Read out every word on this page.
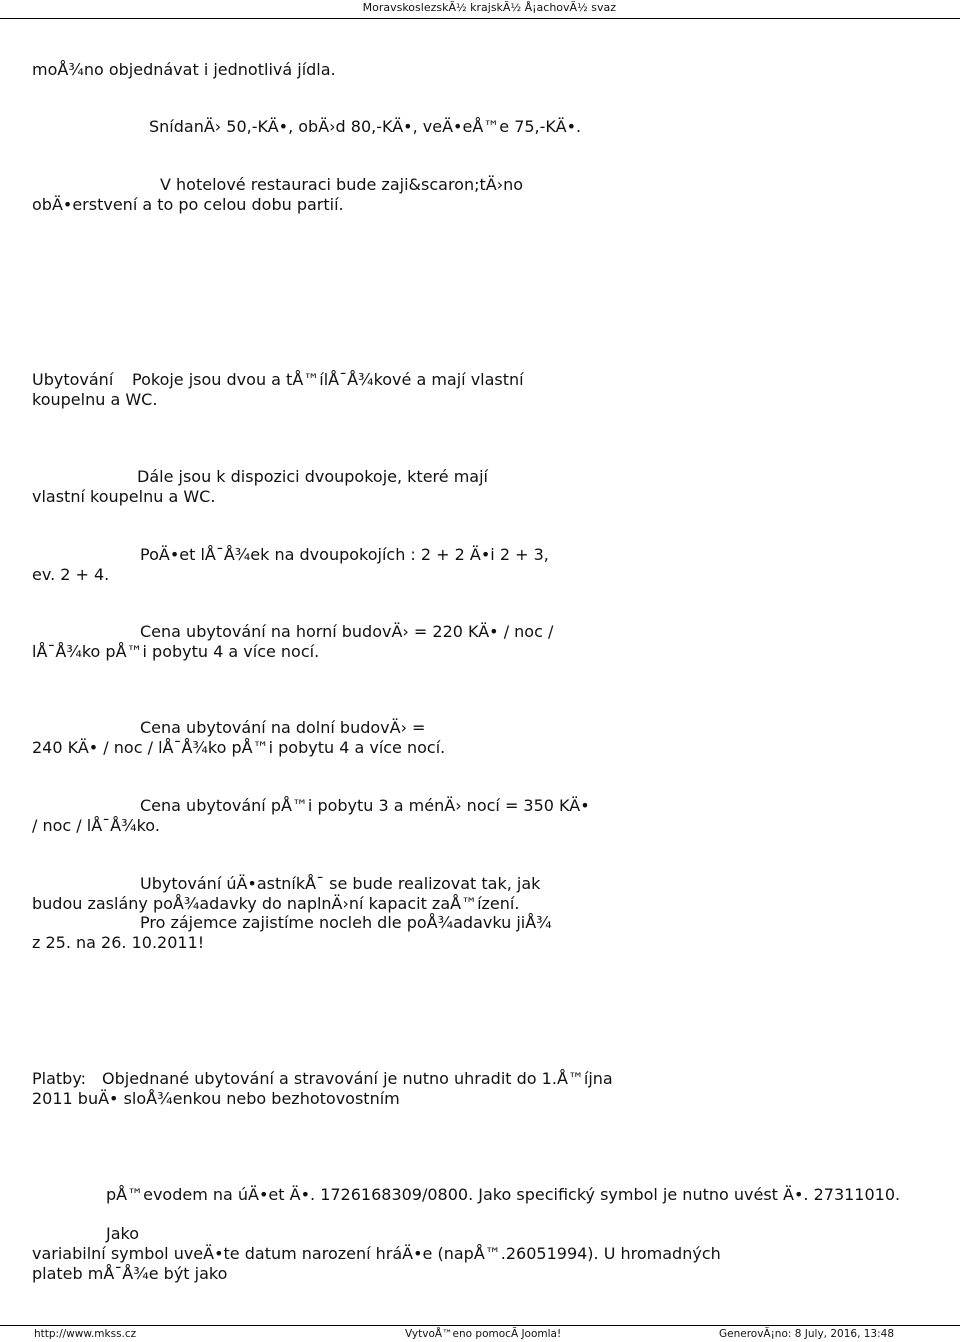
MoravskoslezskÃ½ krajskÃ½ Å¡achovÃ½ svaz
moÅ¾no objednávat i jednotlivá jídla.
SnídanÄ› 50,-KÄ•, obÄ›d 80,-KÄ•, veÄ•eÅ™e 75,-KÄ•.
V hotelové restauraci bude zaji&scaron;tÄ›no
obÄ•erstvení a to po celou dobu partií.
Ubytování Pokoje jsou dvou a tÅ™ílÅ¯Å¾kové a mají vlastní
koupelnu a WC.
Dále jsou k dispozici dvoupokoje, které mají
vlastní koupelnu a WC.
PoÄ•et lÅ¯Å¾ek na dvoupokojích : 2 + 2 Ä•i 2 + 3,
ev. 2 + 4.
Cena ubytování na horní budovÄ› = 220 KÄ• / noc /
lÅ¯Å¾ko pÅ™i pobytu 4 a více nocí.
Cena ubytování na dolní budovÄ› =
240 KÄ• / noc / lÅ¯Å¾ko pÅ™i pobytu 4 a více nocí.
Cena ubytování pÅ™i pobytu 3 a ménÄ› nocí = 350 KÄ•
/ noc / lÅ¯Å¾ko.
Ubytování úÄ•astníkÅ¯ se bude realizovat tak, jak
budou zaslány poÅ¾adavky do naplnÄ›ní kapacit zaÅ™ízení.
Pro zájemce zajistíme nocleh dle poÅ¾adavku jiÅ¾
z 25. na 26. 10.2011!
Platby: Objednané ubytování a stravování je nutno uhradit do 1.Å™íjna
2011 buÄ• sloÅ¾enkou nebo bezhotovostním
pÅ™evodem na úÄ•et Ä•. 1726168309/0800. Jako specifický symbol je nutno uvést Ä•. 27311010.
Jako
variabilní symbol uveÄ•te datum narození hráÄ•e (napÅ™.26051994). U hromadných
plateb mÅ¯Å¾e být jako
http://www.mkss.cz	VytvoÅ™eno pomocÃ Joomla!	GenerovÃ¡no: 8 July, 2016, 13:48
